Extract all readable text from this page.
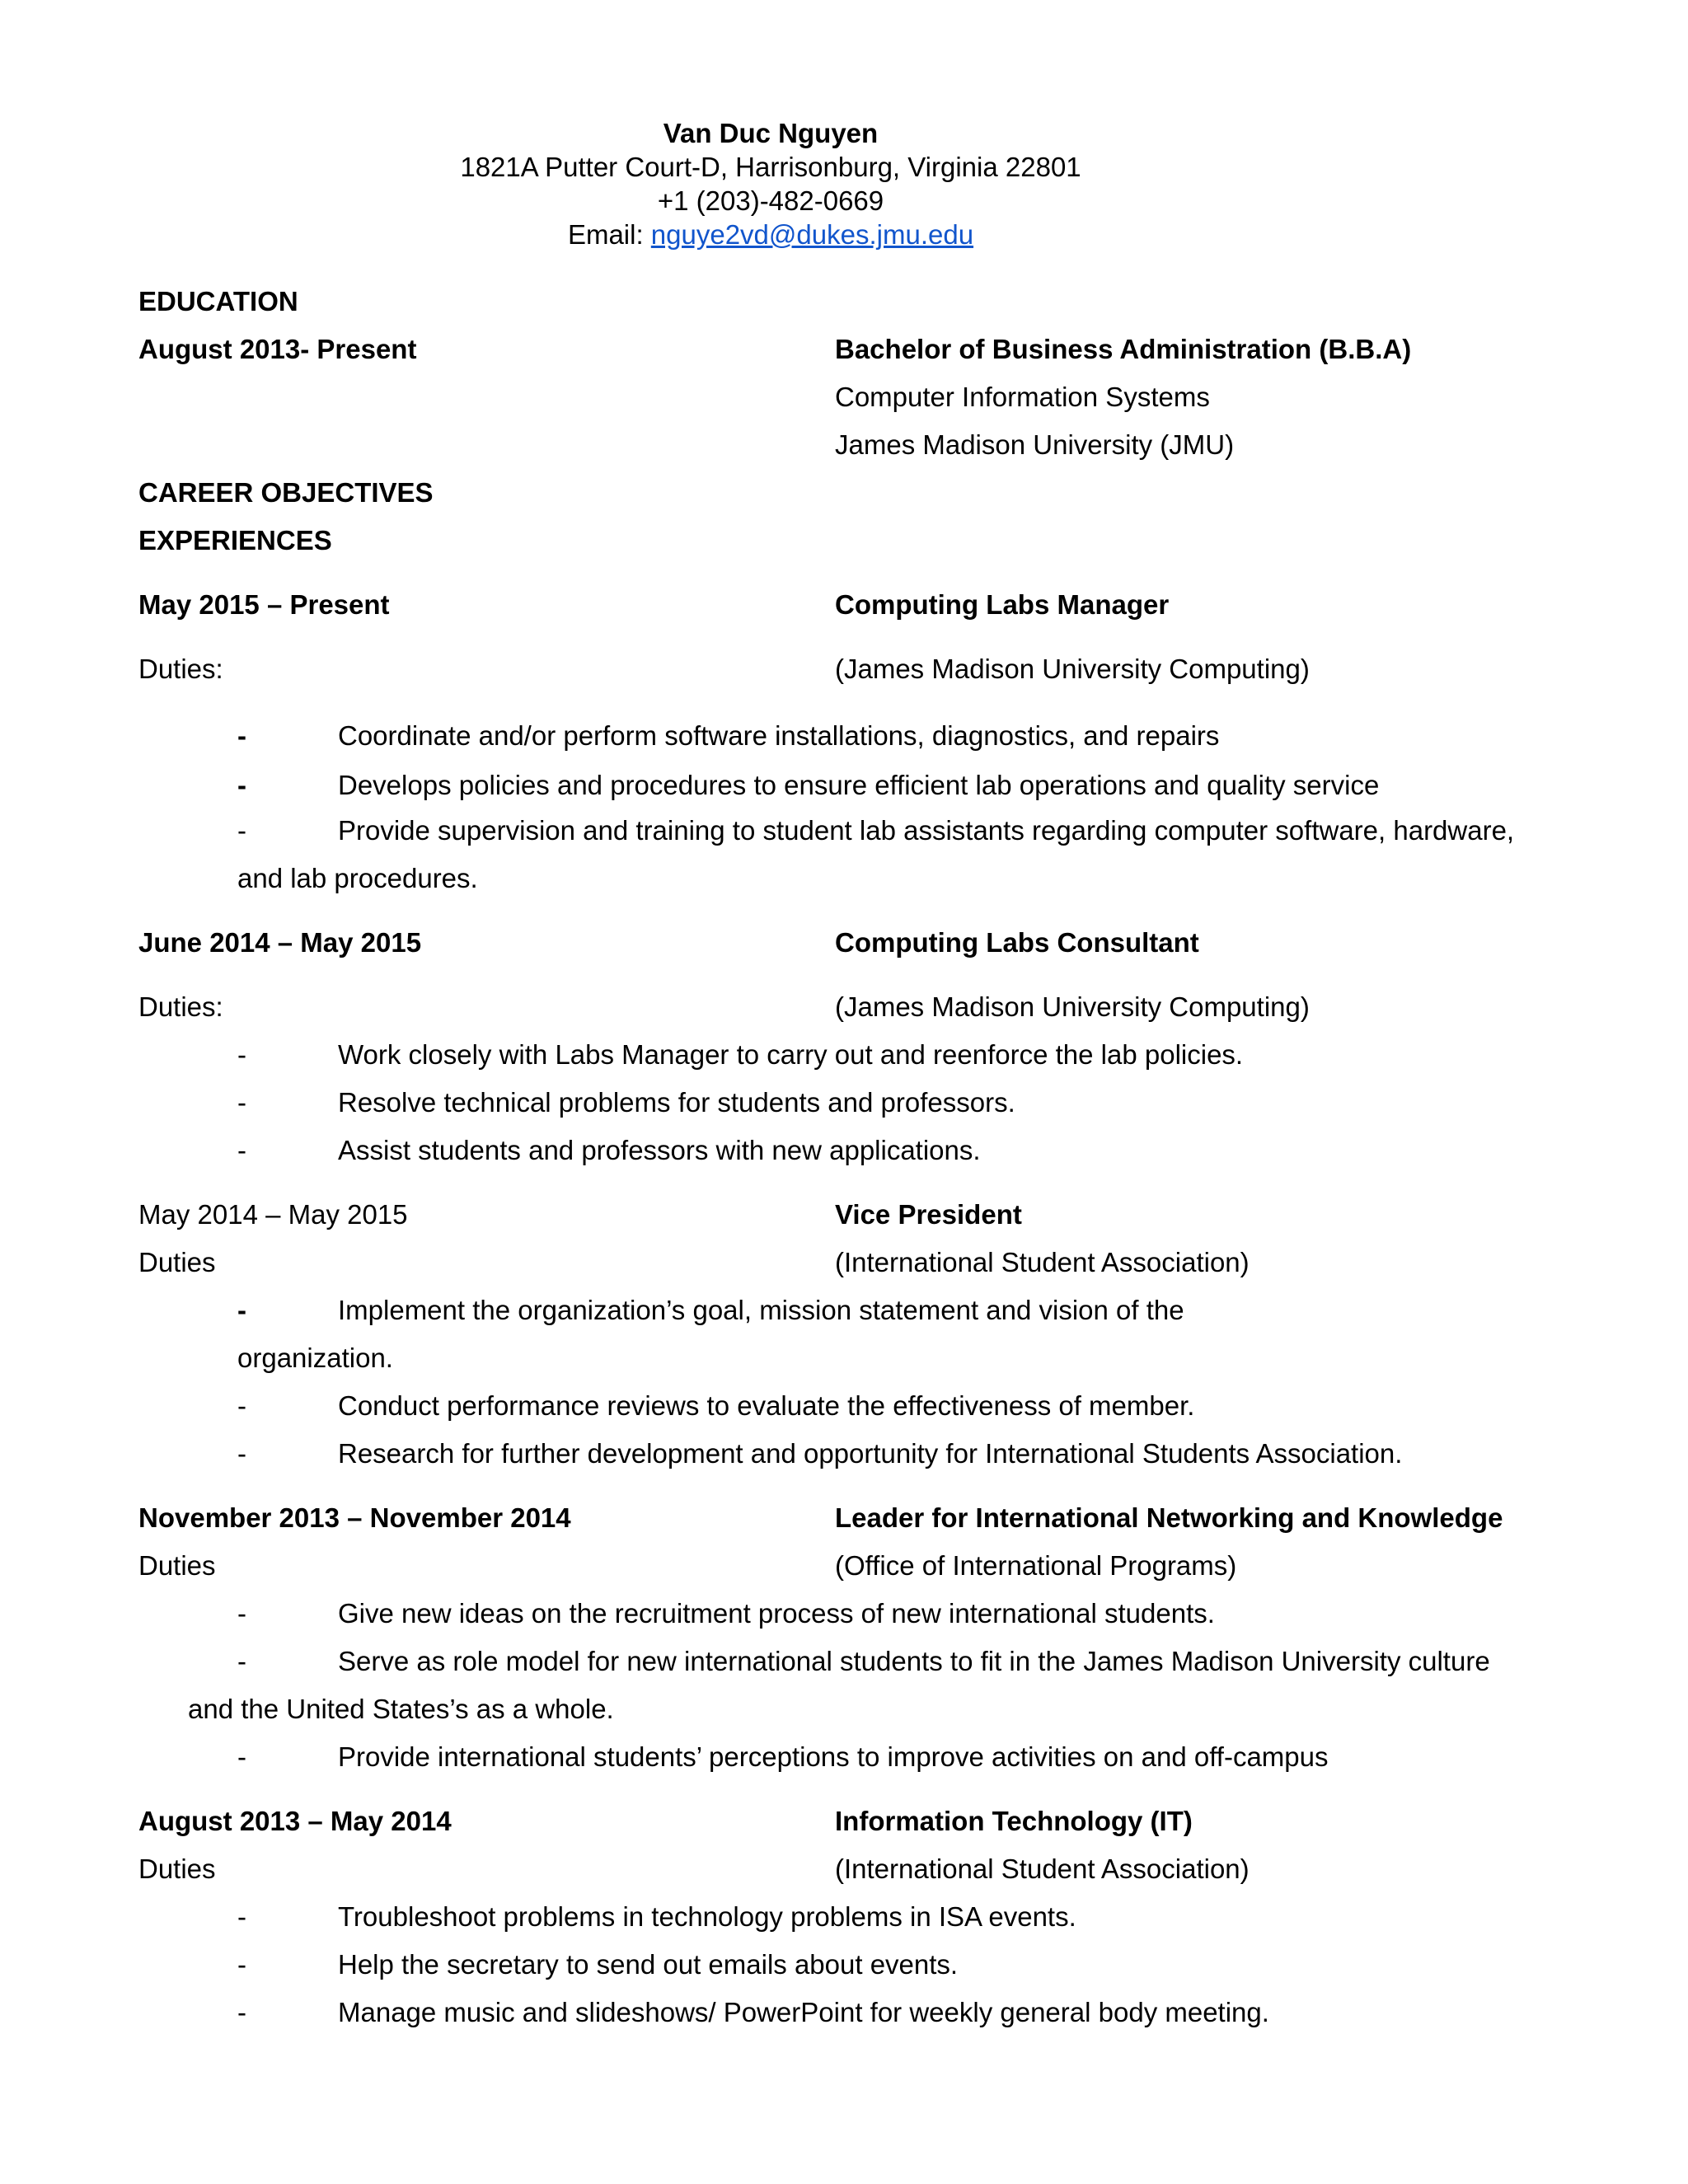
Van Duc Nguyen
1821A Putter Court-D, Harrisonburg, Virginia 22801
+1 (203)-482-0669
Email: nguye2vd@dukes.jmu.edu
EDUCATION
August 2013- Present	Bachelor of Business Administration (B.B.A)
Computer Information Systems
James Madison University (JMU)
CAREER OBJECTIVES
EXPERIENCES
May 2015 – Present	Computing Labs Manager
Duties:	(James Madison University Computing)
-	Coordinate and/or perform software installations, diagnostics, and repairs
-	Develops policies and procedures to ensure efficient lab operations and quality service
-	Provide supervision and training to student lab assistants regarding computer software, hardware,
and lab procedures.
June 2014 – May 2015	Computing Labs Consultant
Duties:	(James Madison University Computing)
-	Work closely with Labs Manager to carry out and reenforce the lab policies.
-	Resolve technical problems for students and professors.
-	Assist students and professors with new applications.
May 2014 – May 2015	Vice President
Duties	(International Student Association)
-	Implement the organization’s goal, mission statement and vision of the
organization.
-	Conduct performance reviews to evaluate the effectiveness of member.
-	Research for further development and opportunity for International Students Association.
November 2013 – November 2014	Leader for International Networking and Knowledge
Duties	(Office of International Programs)
-	Give new ideas on the recruitment process of new international students.
-	Serve as role model for new international students to fit in the James Madison University culture
and the United States’s as a whole.
-	Provide international students’ perceptions to improve activities on and off-campus
August 2013 – May 2014	Information Technology (IT)
Duties	(International Student Association)
-	Troubleshoot problems in technology problems in ISA events.
-	Help the secretary to send out emails about events.
-	Manage music and slideshows/ PowerPoint for weekly general body meeting.
